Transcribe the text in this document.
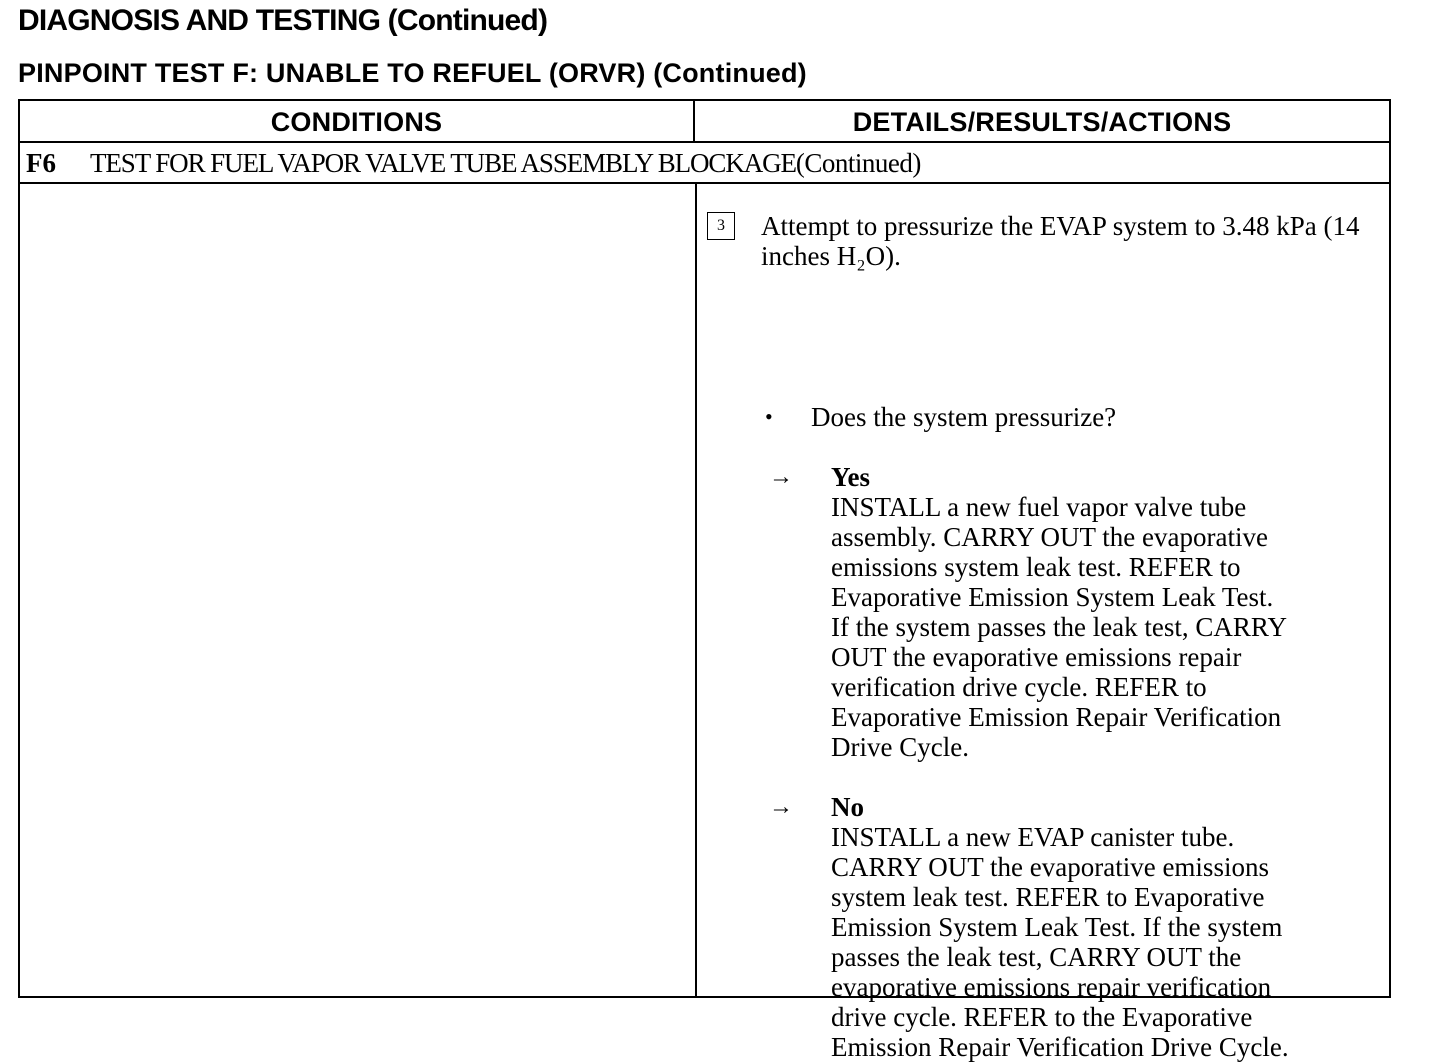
DIAGNOSIS AND TESTING (Continued)
PINPOINT TEST F: UNABLE TO REFUEL (ORVR) (Continued)
CONDITIONS	DETAILS/RESULTS/ACTIONS
F6 TEST FOR FUEL VAPOR VALVE TUBE ASSEMBLY BLOCKAGE(Continued)
3	Attempt to pressurize the EVAP system to 3.48 kPa (14 inches H₂O).

• Does the system pressurize?

→ Yes
INSTALL a new fuel vapor valve tube
assembly. CARRY OUT the evaporative
emissions system leak test. REFER to
Evaporative Emission System Leak Test.
If the system passes the leak test, CARRY
OUT the evaporative emissions repair
verification drive cycle. REFER to
Evaporative Emission Repair Verification
Drive Cycle.
→ No
INSTALL a new EVAP canister tube.
CARRY OUT the evaporative emissions
system leak test. REFER to Evaporative
Emission System Leak Test. If the system
passes the leak test, CARRY OUT the
evaporative emissions repair verification
drive cycle. REFER to the Evaporative
Emission Repair Verification Drive Cycle.
